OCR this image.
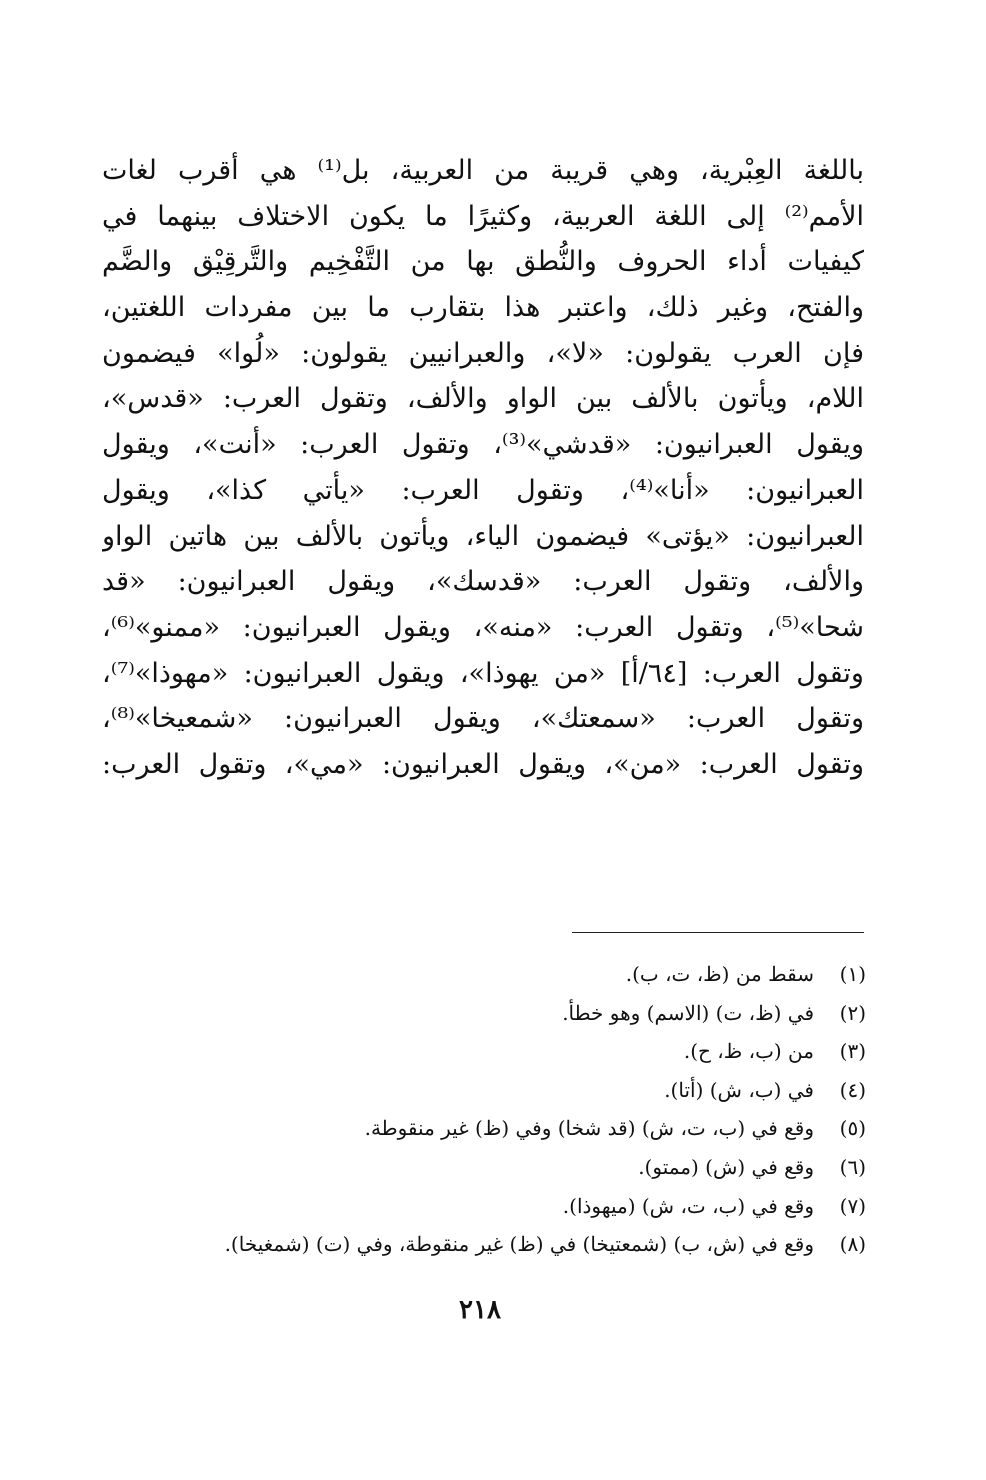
باللغة العِبْرية، وهي قريبة من العربية، بل⁽¹⁾ هي أقرب لغات
الأمم⁽²⁾ إلى اللغة العربية، وكثيرًا ما يكون الاختلاف بينهما في
كيفيات أداء الحروف والنُّطق بها من التَّفْخِيم والتَّرقِيْق والضَّم
والفتح، وغير ذلك، واعتبر هذا بتقارب ما بين مفردات اللغتين،
فإن العرب يقولون: «لا»، والعبرانيين يقولون: «لُوا» فيضمون
اللام، ويأتون بالألف بين الواو والألف، وتقول العرب: «قدس»،
ويقول العبرانيون: «قدشي»⁽³⁾، وتقول العرب: «أنت»، ويقول
العبرانيون: «أنا»⁽⁴⁾، وتقول العرب: «يأتي كذا»، ويقول
العبرانيون: «يؤتى» فيضمون الياء، ويأتون بالألف بين هاتين الواو
والألف، وتقول العرب: «قدسك»، ويقول العبرانيون: «قد
شحا»⁽⁵⁾، وتقول العرب: «منه»، ويقول العبرانيون: «ممنو»⁽⁶⁾،
وتقول العرب: [٦٤/أ] «من يهوذا»، ويقول العبرانيون: «مهوذا»⁽⁷⁾،
وتقول العرب: «سمعتك»، ويقول العبرانيون: «شمعيخا»⁽⁸⁾،
وتقول العرب: «من»، ويقول العبرانيون: «مي»، وتقول العرب:
(١)سقط من (ظ، ت، ب).
(٢)في (ظ، ت) (الاسم) وهو خطأ.
(٣)من (ب، ظ، ح).
(٤)في (ب، ش) (أتا).
(٥)وقع في (ب، ت، ش) (قد شخا) وفي (ظ) غير منقوطة.
(٦)وقع في (ش) (ممتو).
(٧)وقع في (ب، ت، ش) (ميهوذا).
(٨)وقع في (ش، ب) (شمعتيخا) في (ظ) غير منقوطة، وفي (ت) (شمغيخا).
٢١٨
